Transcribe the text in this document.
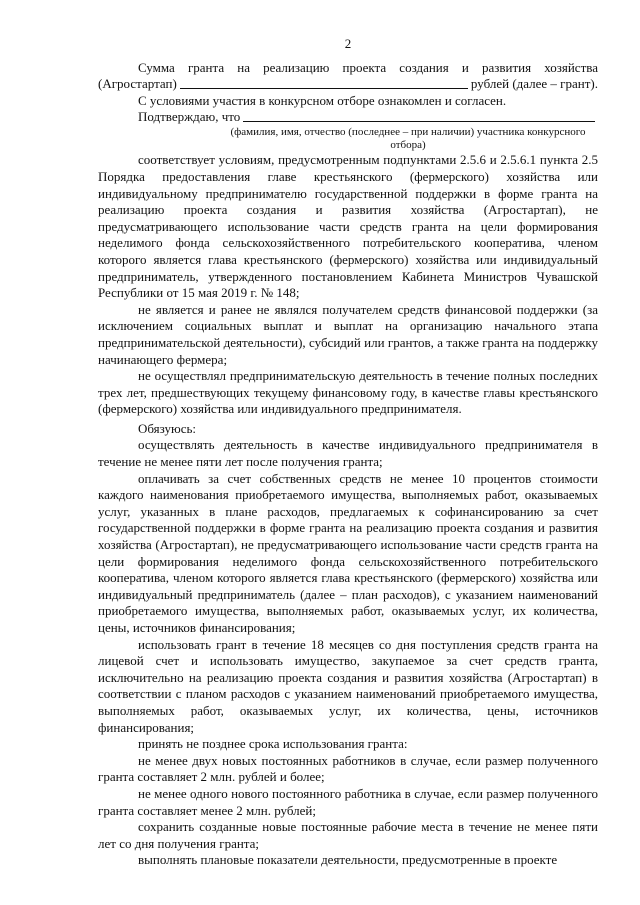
2

Сумма гранта на реализацию проекта создания и развития хозяйства

(Агростартап)	рублей (далее – грант).

С условиями участия в конкурсном отборе ознакомлен и согласен.

Подтверждаю, что
(фамилия, имя, отчество (последнее – при наличии) участника конкурсного отбора)

соответствует условиям, предусмотренным подпунктами 2.5.6 и 2.5.6.1 пункта 2.5 Порядка предоставления главе крестьянского (фермерского) хозяйства или индивидуальному предпринимателю государственной поддержки в форме гранта на реализацию проекта создания и развития хозяйства (Агростартап), не предусматривающего использование части средств гранта на цели формирования неделимого фонда сельскохозяйственного потребительского кооператива, членом которого является глава крестьянского (фермерского) хозяйства или индивидуальный предприниматель, утвержденного постановлением Кабинета Министров Чувашской Республики от 15 мая 2019 г. № 148;

не является и ранее не являлся получателем средств финансовой поддержки (за исключением социальных выплат и выплат на организацию начального этапа предпринимательской деятельности), субсидий или грантов, а также гранта на поддержку начинающего фермера;

не осуществлял предпринимательскую деятельность в течение полных последних трех лет, предшествующих текущему финансовому году, в качестве главы крестьянского (фермерского) хозяйства или индивидуального предпринимателя.

Обязуюсь:

осуществлять деятельность в качестве индивидуального предпринимателя в течение не менее пяти лет после получения гранта;

оплачивать за счет собственных средств не менее 10 процентов стоимости каждого наименования приобретаемого имущества, выполняемых работ, оказываемых услуг, указанных в плане расходов, предлагаемых к софинансированию за счет государственной поддержки в форме гранта на реализацию проекта создания и развития хозяйства (Агростартап), не предусматривающего использование части средств гранта на цели формирования неделимого фонда сельскохозяйственного потребительского кооператива, членом которого является глава крестьянского (фермерского) хозяйства или индивидуальный предприниматель (далее – план расходов), с указанием наименований приобретаемого имущества, выполняемых работ, оказываемых услуг, их количества, цены, источников финансирования;

использовать грант в течение 18 месяцев со дня поступления средств гранта на лицевой счет и использовать имущество, закупаемое за счет средств гранта, исключительно на реализацию проекта создания и развития хозяйства (Агростартап) в соответствии с планом расходов с указанием наименований приобретаемого имущества, выполняемых работ, оказываемых услуг, их количества, цены, источников финансирования;

принять не позднее срока использования гранта:

не менее двух новых постоянных работников в случае, если размер полученного гранта составляет 2 млн. рублей и более;

не менее одного нового постоянного работника в случае, если размер полученного гранта составляет менее 2 млн. рублей;

сохранить созданные новые постоянные рабочие места в течение не менее пяти лет со дня получения гранта;

выполнять плановые показатели деятельности, предусмотренные в проекте
